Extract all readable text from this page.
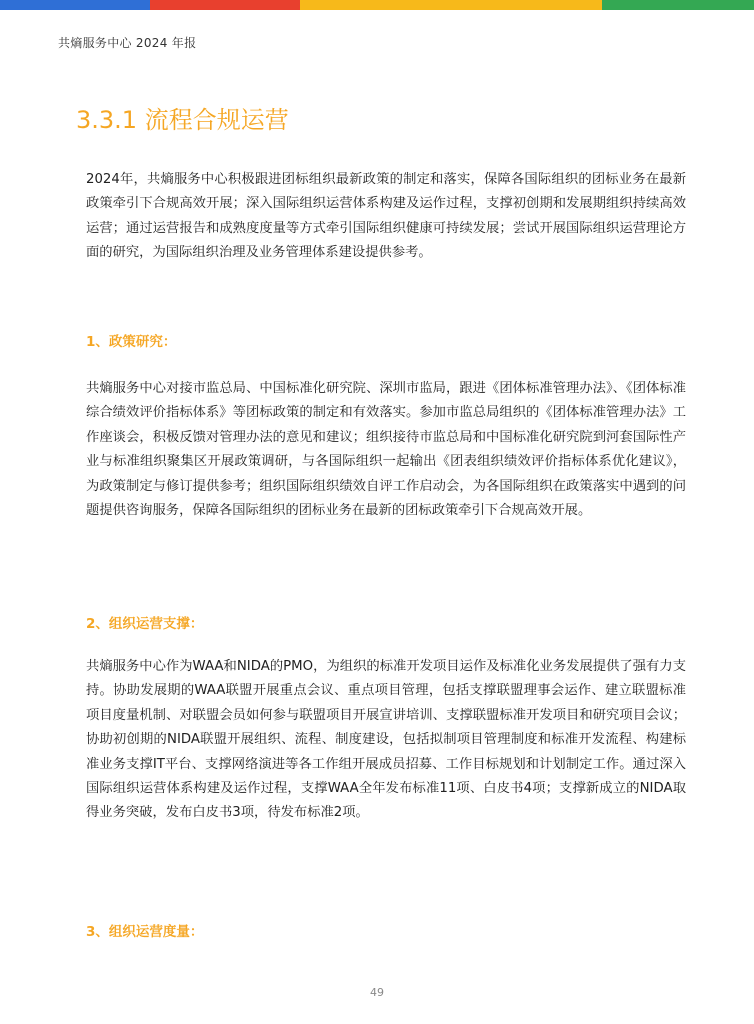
共熵服务中心 2024 年报
3.3.1 流程合规运营

2024年，共熵服务中心积极跟进团标组织最新政策的制定和落实，保障各国际组织的团标业务在最新政策牵引下合规高效开展；深入国际组织运营体系构建及运作过程，支撑初创期和发展期组织持续高效运营；通过运营报告和成熟度度量等方式牵引国际组织健康可持续发展；尝试开展国际组织运营理论方面的研究，为国际组织治理及业务管理体系建设提供参考。

1、政策研究：

共熵服务中心对接市监总局、中国标准化研究院、深圳市监局，跟进《团体标准管理办法》、《团体标准综合绩效评价指标体系》等团标政策的制定和有效落实。参加市监总局组织的《团体标准管理办法》工作座谈会，积极反馈对管理办法的意见和建议；组织接待市监总局和中国标准化研究院到河套国际性产业与标准组织聚集区开展政策调研，与各国际组织一起输出《团表组织绩效评价指标体系优化建议》，为政策制定与修订提供参考；组织国际组织绩效自评工作启动会，为各国际组织在政策落实中遇到的问题提供咨询服务，保障各国际组织的团标业务在最新的团标政策牵引下合规高效开展。

2、组织运营支撑：

共熵服务中心作为WAA和NIDA的PMO，为组织的标准开发项目运作及标准化业务发展提供了强有力支持。协助发展期的WAA联盟开展重点会议、重点项目管理，包括支撑联盟理事会运作、建立联盟标准项目度量机制、对联盟会员如何参与联盟项目开展宣讲培训、支撑联盟标准开发项目和研究项目会议；协助初创期的NIDA联盟开展组织、流程、制度建设，包括拟制项目管理制度和标准开发流程、构建标准业务支撑IT平台、支撑网络演进等各工作组开展成员招募、工作目标规划和计划制定工作。通过深入国际组织运营体系构建及运作过程，支撑WAA全年发布标准11项、白皮书4项；支撑新成立的NIDA取得业务突破，发布白皮书3项，待发布标准2项。

3、组织运营度量：
49
